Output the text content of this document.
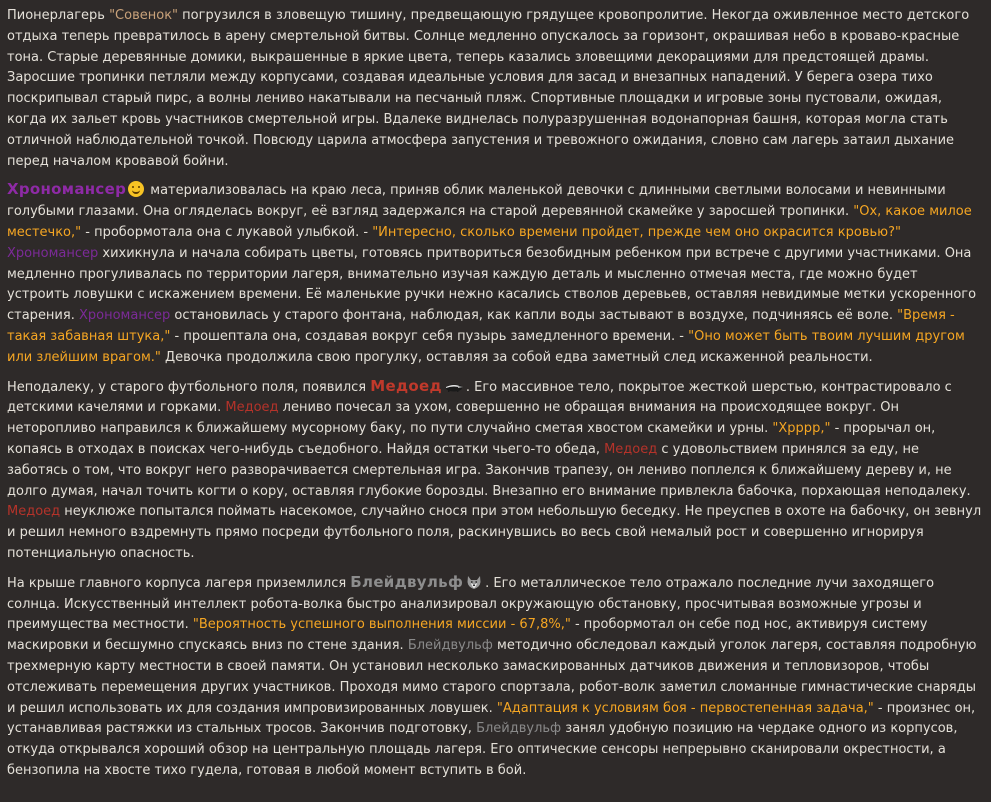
Пионерлагерь "Совенок" погрузился в зловещую тишину, предвещающую грядущее кровопролитие. Некогда оживленное место детского отдыха теперь превратилось в арену смертельной битвы. Солнце медленно опускалось за горизонт, окрашивая небо в кроваво-красные тона. Старые деревянные домики, выкрашенные в яркие цвета, теперь казались зловещими декорациями для предстоящей драмы. Заросшие тропинки петляли между корпусами, создавая идеальные условия для засад и внезапных нападений. У берега озера тихо поскрипывал старый пирс, а волны лениво накатывали на песчаный пляж. Спортивные площадки и игровые зоны пустовали, ожидая, когда их зальет кровь участников смертельной игры. Вдалеке виднелась полуразрушенная водонапорная башня, которая могла стать отличной наблюдательной точкой. Повсюду царила атмосфера запустения и тревожного ожидания, словно сам лагерь затаил дыхание перед началом кровавой бойни.

Хрономансер материализовалась на краю леса, приняв облик маленькой девочки с длинными светлыми волосами и невинными голубыми глазами. Она огляделась вокруг, её взгляд задержался на старой деревянной скамейке у заросшей тропинки. "Ох, какое милое местечко," - пробормотала она с лукавой улыбкой. - "Интересно, сколько времени пройдет, прежде чем оно окрасится кровью?" Хрономансер хихикнула и начала собирать цветы, готовясь притвориться безобидным ребенком при встрече с другими участниками. Она медленно прогуливалась по территории лагеря, внимательно изучая каждую деталь и мысленно отмечая места, где можно будет устроить ловушки с искажением времени. Её маленькие ручки нежно касались стволов деревьев, оставляя невидимые метки ускоренного старения. Хрономансер остановилась у старого фонтана, наблюдая, как капли воды застывают в воздухе, подчиняясь её воле. "Время - такая забавная штука," - прошептала она, создавая вокруг себя пузырь замедленного времени. - "Оно может быть твоим лучшим другом или злейшим врагом." Девочка продолжила свою прогулку, оставляя за собой едва заметный след искаженной реальности.

Неподалеку, у старого футбольного поля, появился Медоед . Его массивное тело, покрытое жесткой шерстью, контрастировало с детскими качелями и горками. Медоед лениво почесал за ухом, совершенно не обращая внимания на происходящее вокруг. Он неторопливо направился к ближайшему мусорному баку, по пути случайно сметая хвостом скамейки и урны. "Хрррр," - прорычал он, копаясь в отходах в поисках чего-нибудь съедобного. Найдя остатки чьего-то обеда, Медоед с удовольствием принялся за еду, не заботясь о том, что вокруг него разворачивается смертельная игра. Закончив трапезу, он лениво поплелся к ближайшему дереву и, не долго думая, начал точить когти о кору, оставляя глубокие борозды. Внезапно его внимание привлекла бабочка, порхающая неподалеку. Медоед неуклюже попытался поймать насекомое, случайно снося при этом небольшую беседку. Не преуспев в охоте на бабочку, он зевнул и решил немного вздремнуть прямо посреди футбольного поля, раскинувшись во весь свой немалый рост и совершенно игнорируя потенциальную опасность.

На крыше главного корпуса лагеря приземлился Блейдвульф . Его металлическое тело отражало последние лучи заходящего солнца. Искусственный интеллект робота-волка быстро анализировал окружающую обстановку, просчитывая возможные угрозы и преимущества местности. "Вероятность успешного выполнения миссии - 67,8%," - пробормотал он себе под нос, активируя систему маскировки и бесшумно спускаясь вниз по стене здания. Блейдвульф методично обследовал каждый уголок лагеря, составляя подробную трехмерную карту местности в своей памяти. Он установил несколько замаскированных датчиков движения и тепловизоров, чтобы отслеживать перемещения других участников. Проходя мимо старого спортзала, робот-волк заметил сломанные гимнастические снаряды и решил использовать их для создания импровизированных ловушек. "Адаптация к условиям боя - первостепенная задача," - произнес он, устанавливая растяжки из стальных тросов. Закончив подготовку, Блейдвульф занял удобную позицию на чердаке одного из корпусов, откуда открывался хороший обзор на центральную площадь лагеря. Его оптические сенсоры непрерывно сканировали окрестности, а бензопила на хвосте тихо гудела, готовая в любой момент вступить в бой.
